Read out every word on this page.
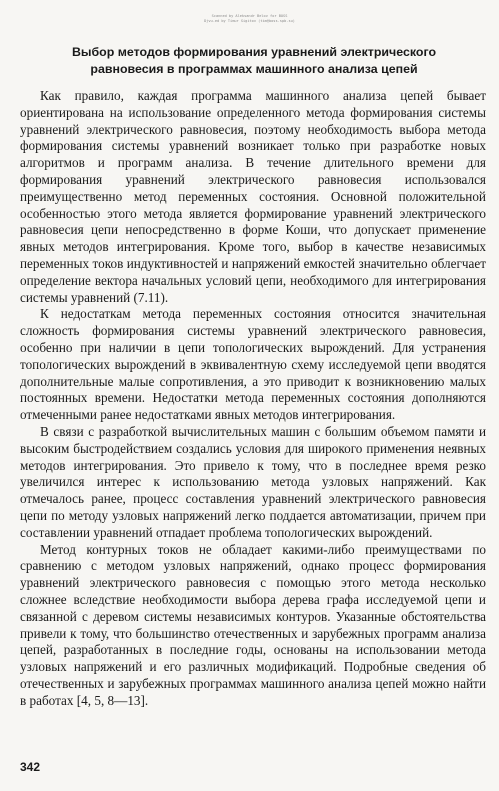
Scanned by Aleksandr Belov for BOSS
Djvu-ed by Timur Sigitov (tim@boss.spb.su)
Выбор методов формирования уравнений электрического равновесия в программах машинного анализа цепей

Как правило, каждая программа машинного анализа цепей бывает ориентирована на использование определенного метода формирования системы уравнений электрического равновесия, поэтому необходимость выбора метода формирования системы уравнений возникает только при разработке новых алгоритмов и программ анализа. В течение длительного времени для формирования уравнений электрического равновесия использовался преимущественно метод переменных состояния. Основной положительной особенностью этого метода является формирование уравнений электрического равновесия цепи непосредственно в форме Коши, что допускает применение явных методов интегрирования. Кроме того, выбор в качестве независимых переменных токов индуктивностей и напряжений емкостей значительно облегчает определение вектора начальных условий цепи, необходимого для интегрирования системы уравнений (7.11).

К недостаткам метода переменных состояния относится значительная сложность формирования системы уравнений электрического равновесия, особенно при наличии в цепи топологических вырождений. Для устранения топологических вырождений в эквивалентную схему исследуемой цепи вводятся дополнительные малые сопротивления, а это приводит к возникновению малых постоянных времени. Недостатки метода переменных состояния дополняются отмеченными ранее недостатками явных методов интегрирования.

В связи с разработкой вычислительных машин с большим объемом памяти и высоким быстродействием создались условия для широкого применения неявных методов интегрирования. Это привело к тому, что в последнее время резко увеличился интерес к использованию метода узловых напряжений. Как отмечалось ранее, процесс составления уравнений электрического равновесия цепи по методу узловых напряжений легко поддается автоматизации, причем при составлении уравнений отпадает проблема топологических вырождений.

Метод контурных токов не обладает какими-либо преимуществами по сравнению с методом узловых напряжений, однако процесс формирования уравнений электрического равновесия с помощью этого метода несколько сложнее вследствие необходимости выбора дерева графа исследуемой цепи и связанной с деревом системы независимых контуров. Указанные обстоятельства привели к тому, что большинство отечественных и зарубежных программ анализа цепей, разработанных в последние годы, основаны на использовании метода узловых напряжений и его различных модификаций. Подробные сведения об отечественных и зарубежных программах машинного анализа цепей можно найти в работах [4, 5, 8—13].

342
